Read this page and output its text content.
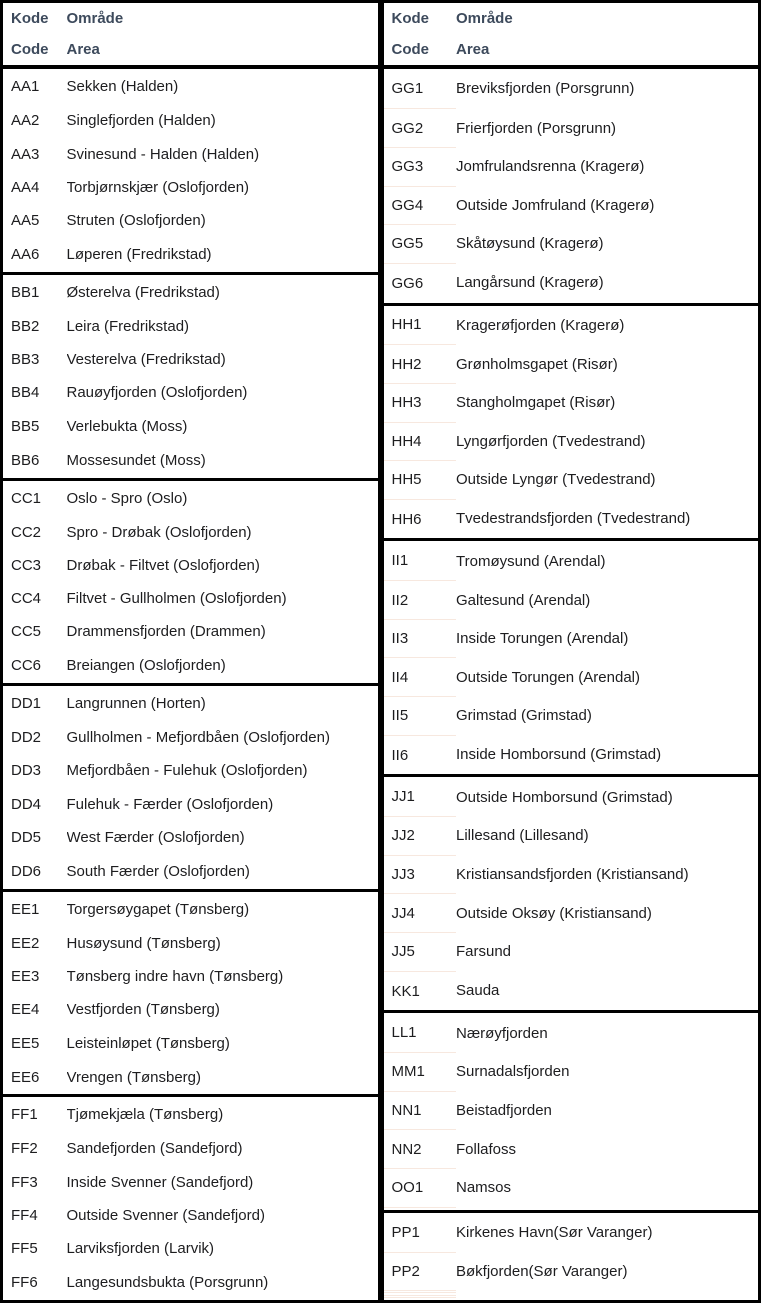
Kode
Code

Område
Area

AA1	Sekken (Halden)
AA2	Singlefjorden (Halden)
AA3	Svinesund - Halden (Halden)
AA4	Torbjørnskjær (Oslofjorden)
AA5	Struten (Oslofjorden)
AA6	Løperen (Fredrikstad)
BB1	Østerelva (Fredrikstad)
BB2	Leira (Fredrikstad)
BB3	Vesterelva (Fredrikstad)
BB4	Rauøyfjorden (Oslofjorden)
BB5	Verlebukta (Moss)
BB6	Mossesundet (Moss)
CC1	Oslo - Spro (Oslo)
CC2	Spro - Drøbak (Oslofjorden)
CC3	Drøbak - Filtvet (Oslofjorden)
CC4	Filtvet - Gullholmen (Oslofjorden)
CC5	Drammensfjorden (Drammen)
CC6	Breiangen (Oslofjorden)
DD1	Langrunnen (Horten)
DD2	Gullholmen - Mefjordbåen (Oslofjorden)
DD3	Mefjordbåen - Fulehuk (Oslofjorden)
DD4	Fulehuk - Færder (Oslofjorden)
DD5	West Færder (Oslofjorden)
DD6	South Færder (Oslofjorden)
EE1	Torgersøygapet (Tønsberg)
EE2	Husøysund (Tønsberg)
EE3	Tønsberg indre havn (Tønsberg)
EE4	Vestfjorden (Tønsberg)
EE5	Leisteinløpet (Tønsberg)
EE6	Vrengen (Tønsberg)
FF1	Tjømekjæla (Tønsberg)
FF2	Sandefjorden (Sandefjord)
FF3	Inside Svenner (Sandefjord)
FF4	Outside Svenner (Sandefjord)
FF5	Larviksfjorden (Larvik)
FF6	Langesundsbukta (Porsgrunn)
Kode
Code

Område
Area

GG1	Breviksfjorden (Porsgrunn)
GG2	Frierfjorden (Porsgrunn)
GG3	Jomfrulandsrenna (Kragerø)
GG4	Outside Jomfruland (Kragerø)
GG5	Skåtøysund (Kragerø)
GG6	Langårsund (Kragerø)
HH1	Kragerøfjorden (Kragerø)
HH2	Grønholmsgapet (Risør)
HH3	Stangholmgapet (Risør)
HH4	Lyngørfjorden (Tvedestrand)
HH5	Outside Lyngør (Tvedestrand)
HH6	Tvedestrandsfjorden (Tvedestrand)
II1	Tromøysund (Arendal)
II2	Galtesund (Arendal)
II3	Inside Torungen (Arendal)
II4	Outside Torungen (Arendal)
II5	Grimstad (Grimstad)
II6	Inside Homborsund (Grimstad)
JJ1	Outside Homborsund (Grimstad)
JJ2	Lillesand (Lillesand)
JJ3	Kristiansandsfjorden (Kristiansand)
JJ4	Outside Oksøy (Kristiansand)
JJ5	Farsund
KK1	Sauda
LL1	Nærøyfjorden
MM1	Surnadalsfjorden
NN1	Beistadfjorden
NN2	Follafoss
OO1	Namsos

PP1	Kirkenes Havn(Sør Varanger)
PP2	Bøkfjorden(Sør Varanger)
